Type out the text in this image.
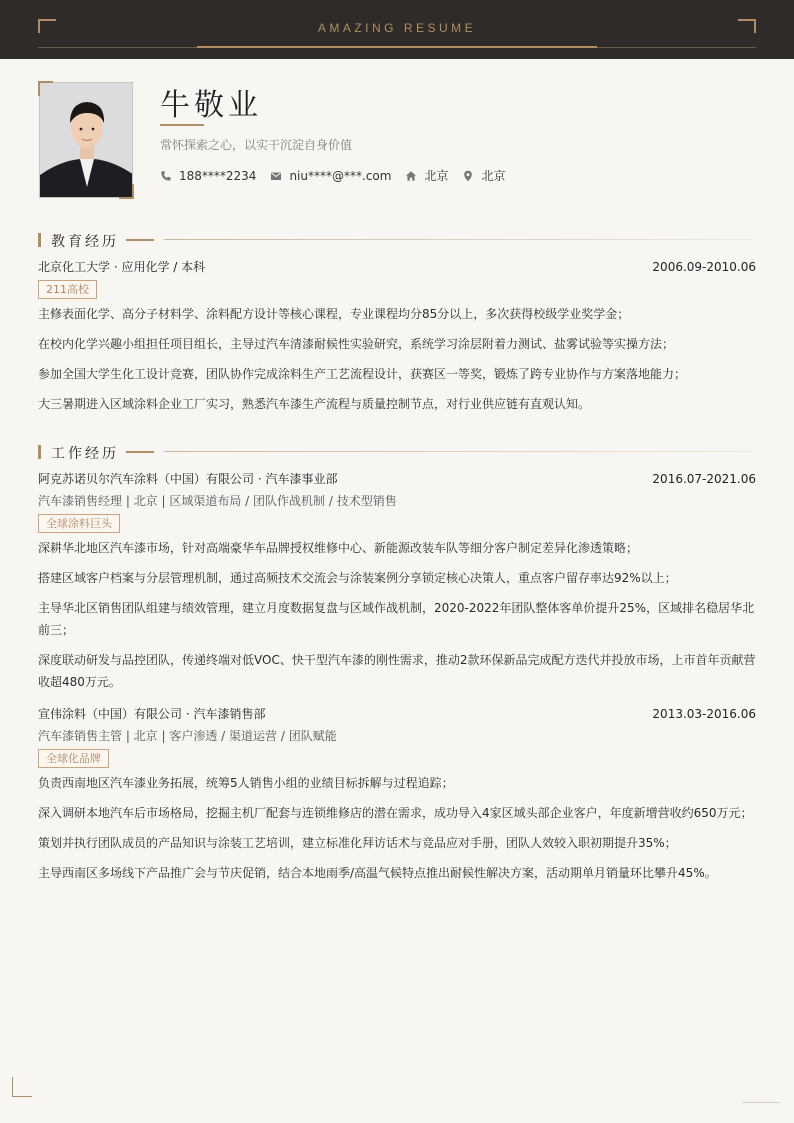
AMAZING RESUME
牛敬业
常怀探索之心，以实干沉淀自身价值
188****2234	niu****@***.com	北京	北京
教育经历
北京化工大学 · 应用化学 / 本科	2006.09-2010.06
211高校
主修表面化学、高分子材料学、涂料配方设计等核心课程，专业课程均分85分以上，多次获得校级学业奖学金；
在校内化学兴趣小组担任项目组长，主导过汽车清漆耐候性实验研究，系统学习涂层附着力测试、盐雾试验等实操方法；
参加全国大学生化工设计竞赛，团队协作完成涂料生产工艺流程设计，获赛区一等奖，锻炼了跨专业协作与方案落地能力；
大三暑期进入区域涂料企业工厂实习，熟悉汽车漆生产流程与质量控制节点，对行业供应链有直观认知。
工作经历
阿克苏诺贝尔汽车涂料（中国）有限公司 · 汽车漆事业部	2016.07-2021.06
汽车漆销售经理 | 北京 | 区域渠道布局 / 团队作战机制 / 技术型销售
全球涂料巨头
深耕华北地区汽车漆市场，针对高端豪华车品牌授权维修中心、新能源改装车队等细分客户制定差异化渗透策略；
搭建区域客户档案与分层管理机制，通过高频技术交流会与涂装案例分享锁定核心决策人，重点客户留存率达92%以上；
主导华北区销售团队组建与绩效管理，建立月度数据复盘与区域作战机制，2020-2022年团队整体客单价提升25%，区域排名稳居华北前三；
深度联动研发与品控团队，传递终端对低VOC、快干型汽车漆的刚性需求，推动2款环保新品完成配方迭代并投放市场，上市首年贡献营收超480万元。
宣伟涂料（中国）有限公司 · 汽车漆销售部	2013.03-2016.06
汽车漆销售主管 | 北京 | 客户渗透 / 渠道运营 / 团队赋能
全球化品牌
负责西南地区汽车漆业务拓展，统筹5人销售小组的业绩目标拆解与过程追踪；
深入调研本地汽车后市场格局，挖掘主机厂配套与连锁维修店的潜在需求，成功导入4家区域头部企业客户，年度新增营收约650万元；
策划并执行团队成员的产品知识与涂装工艺培训，建立标准化拜访话术与竞品应对手册，团队人效较入职初期提升35%；
主导西南区多场线下产品推广会与节庆促销，结合本地雨季/高温气候特点推出耐候性解决方案，活动期单月销量环比攀升45%。
